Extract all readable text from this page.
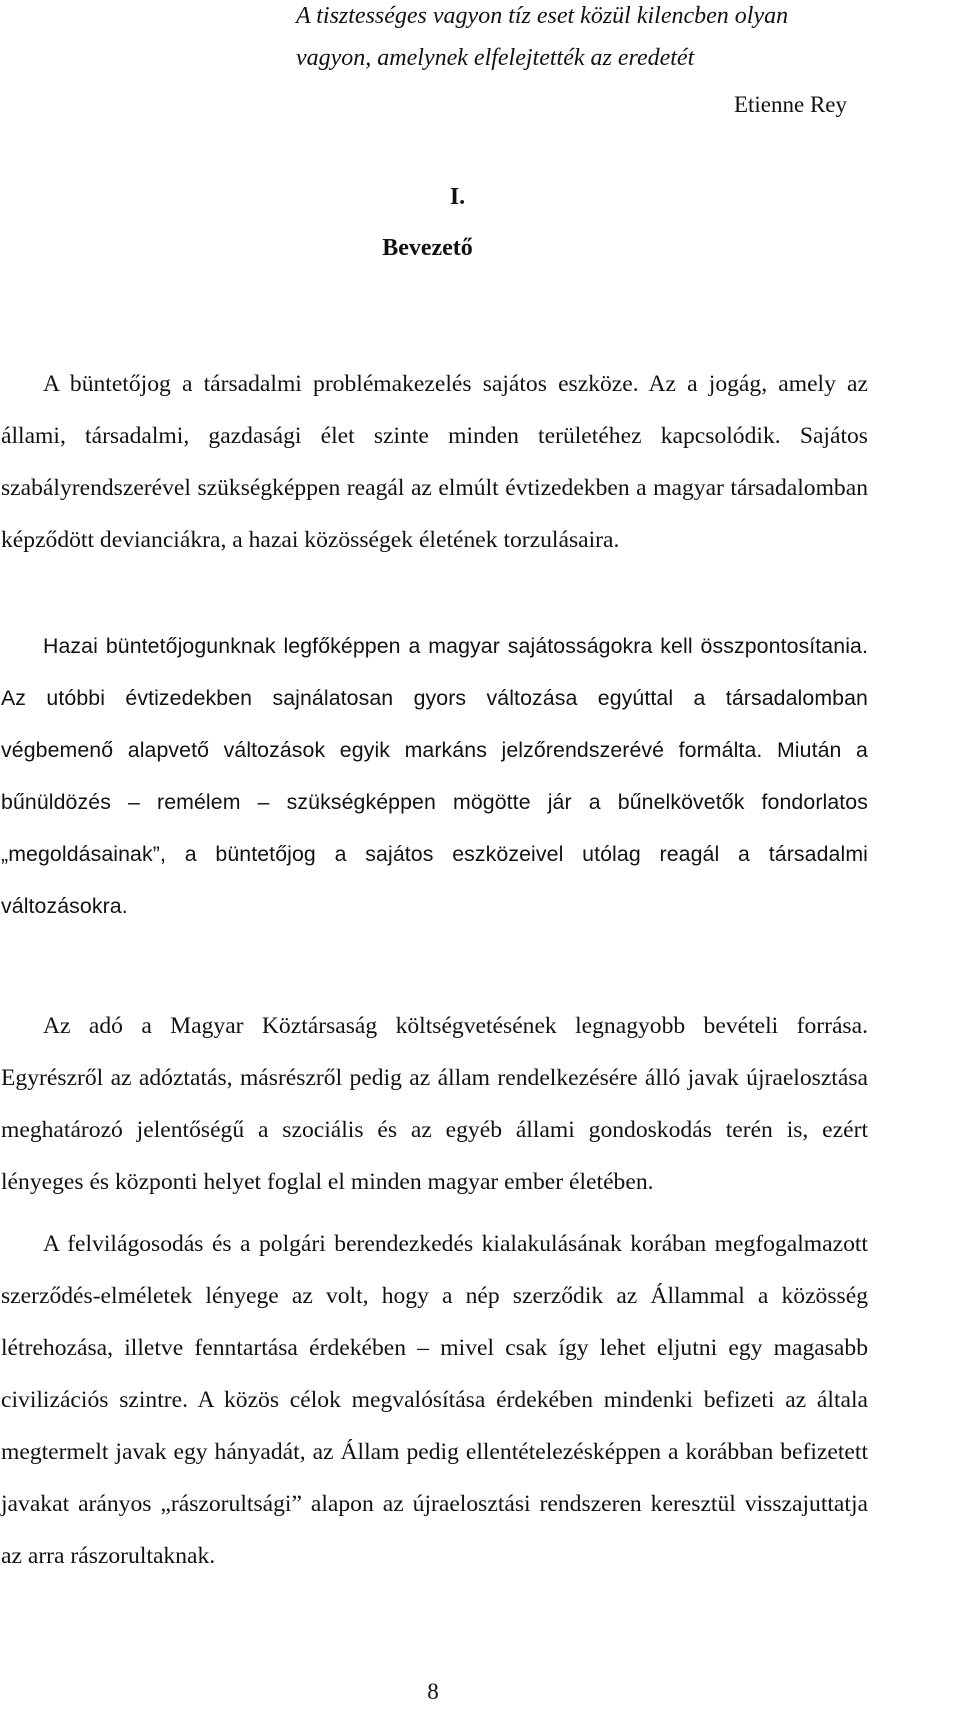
A tisztességes vagyon tíz eset közül kilencben olyan
vagyon, amelynek elfelejtették az eredetét
Etienne Rey
I.
Bevezető

A büntetőjog a társadalmi problémakezelés sajátos eszköze. Az a jogág, amely az állami, társadalmi, gazdasági élet szinte minden területéhez kapcsolódik. Sajátos szabályrendszerével szükségképpen reagál az elmúlt évtizedekben a magyar társadalomban képződött devianciákra, a hazai közösségek életének torzulásaira.

Hazai büntetőjogunknak legfőképpen a magyar sajátosságokra kell összpontosítania. Az utóbbi évtizedekben sajnálatosan gyors változása egyúttal a társadalomban végbemenő alapvető változások egyik markáns jelzőrendszerévé formálta. Miután a bűnüldözés – remélem – szükségképpen mögötte jár a bűnelkövetők fondorlatos „megoldásainak”, a büntetőjog a sajátos eszközeivel utólag reagál a társadalmi változásokra.

Az adó a Magyar Köztársaság költségvetésének legnagyobb bevételi forrása. Egyrészről az adóztatás, másrészről pedig az állam rendelkezésére álló javak újraelosztása meghatározó jelentőségű a szociális és az egyéb állami gondoskodás terén is, ezért lényeges és központi helyet foglal el minden magyar ember életében.

A felvilágosodás és a polgári berendezkedés kialakulásának korában megfogalmazott szerződés-elméletek lényege az volt, hogy a nép szerződik az Állammal a közösség létrehozása, illetve fenntartása érdekében – mivel csak így lehet eljutni egy magasabb civilizációs szintre. A közös célok megvalósítása érdekében mindenki befizeti az általa megtermelt javak egy hányadát, az Állam pedig ellentételezésképpen a korábban befizetett javakat arányos „rászorultsági” alapon az újraelosztási rendszeren keresztül visszajuttatja az arra rászorultaknak.

8
